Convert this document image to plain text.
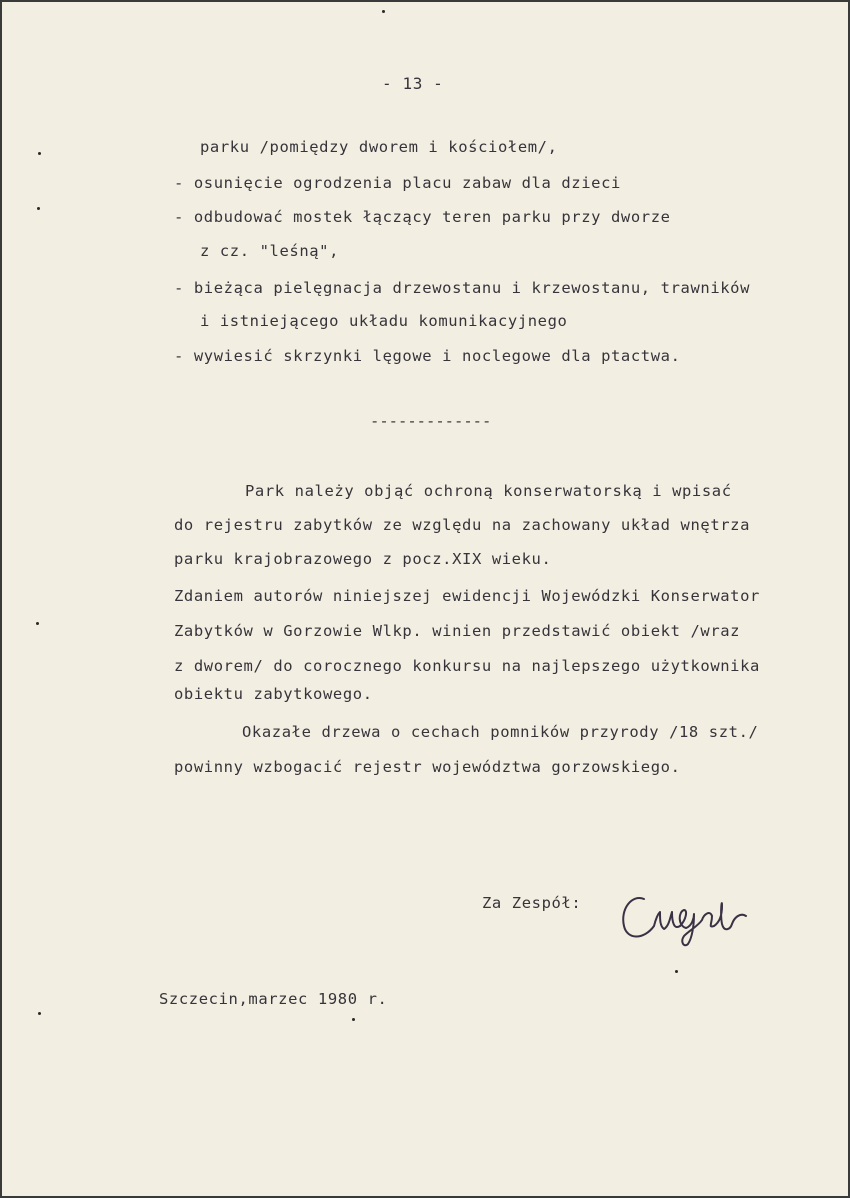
- 13 -
parku /pomiędzy dworem i kościołem/,
- osunięcie ogrodzenia placu zabaw dla dzieci
- odbudować mostek łączący teren parku przy dworze
z cz. "leśną",
- bieżąca pielęgnacja drzewostanu i krzewostanu, trawników
i istniejącego układu komunikacyjnego
- wywiesić skrzynki lęgowe i noclegowe dla ptactwa.
-------------
Park należy objąć ochroną konserwatorską i wpisać
do rejestru zabytków ze względu na zachowany układ wnętrza
parku krajobrazowego z pocz.XIX wieku.
Zdaniem autorów niniejszej ewidencji Wojewódzki Konserwator
Zabytków w Gorzowie Wlkp. winien przedstawić obiekt /wraz
z dworem/ do corocznego konkursu na najlepszego użytkownika
obiektu zabytkowego.
Okazałe drzewa o cechach pomników przyrody /18 szt./
powinny wzbogacić rejestr województwa gorzowskiego.
Za Zespół:
Szczecin,marzec 1980 r.
